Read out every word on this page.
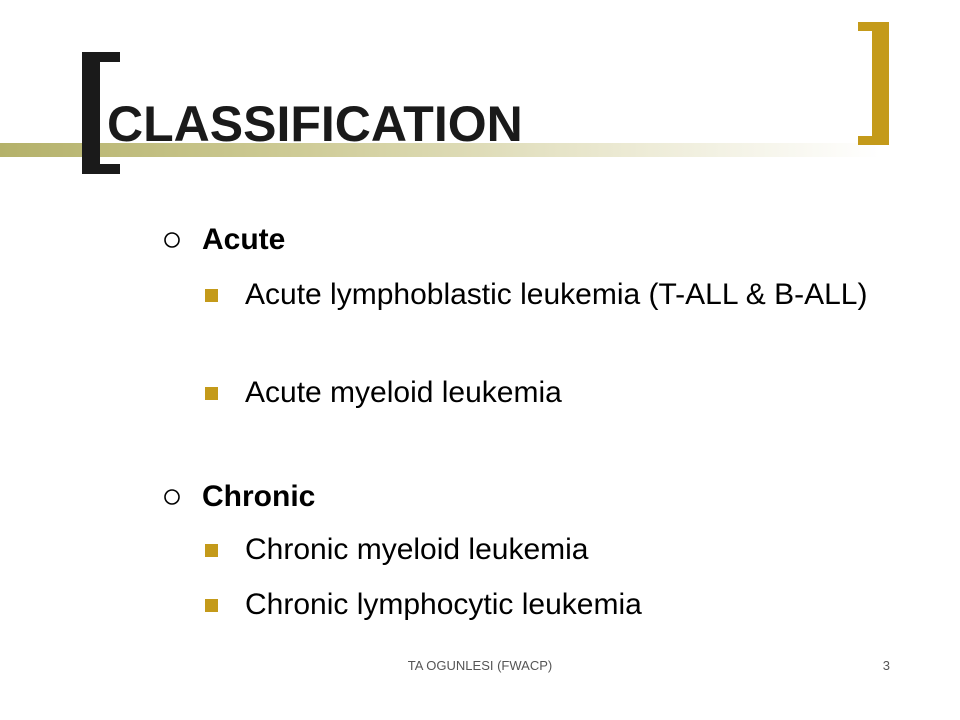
CLASSIFICATION
Acute
Acute lymphoblastic leukemia (T-ALL & B-ALL)
Acute myeloid leukemia
Chronic
Chronic myeloid leukemia
Chronic lymphocytic leukemia
TA OGUNLESI (FWACP)	3
